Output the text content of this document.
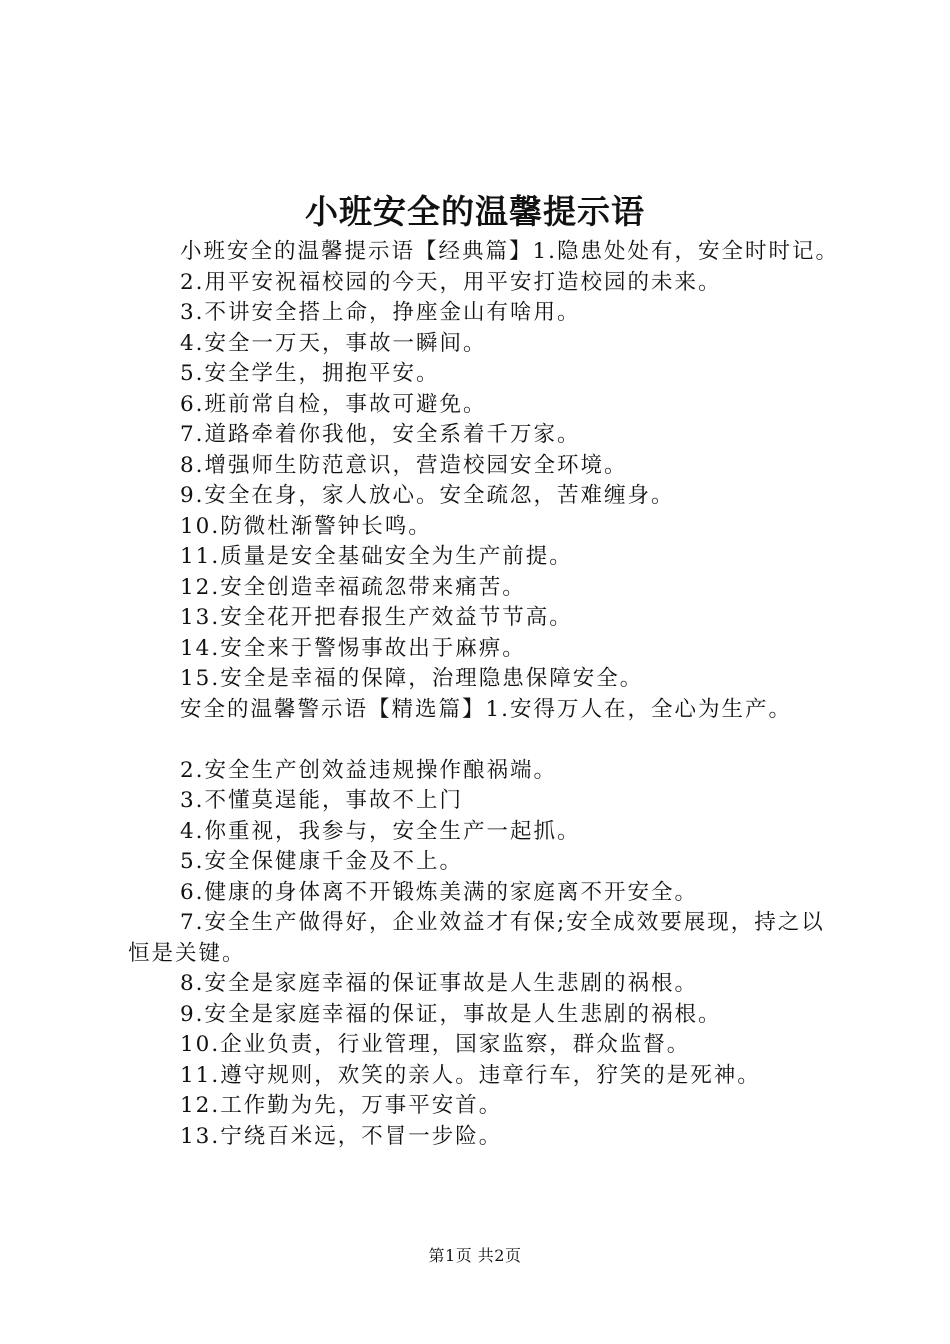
小班安全的温馨提示语
小班安全的温馨提示语【经典篇】1.隐患处处有，安全时时记。
2.用平安祝福校园的今天，用平安打造校园的未来。
3.不讲安全搭上命，挣座金山有啥用。
4.安全一万天，事故一瞬间。
5.安全学生，拥抱平安。
6.班前常自检，事故可避免。
7.道路牵着你我他，安全系着千万家。
8.增强师生防范意识，营造校园安全环境。
9.安全在身，家人放心。安全疏忽，苦难缠身。
10.防微杜渐警钟长鸣。
11.质量是安全基础安全为生产前提。
12.安全创造幸福疏忽带来痛苦。
13.安全花开把春报生产效益节节高。
14.安全来于警惕事故出于麻痹。
15.安全是幸福的保障，治理隐患保障安全。
安全的温馨警示语【精选篇】1.安得万人在，全心为生产。
2.安全生产创效益违规操作酿祸端。
3.不懂莫逞能，事故不上门
4.你重视，我参与，安全生产一起抓。
5.安全保健康千金及不上。
6.健康的身体离不开锻炼美满的家庭离不开安全。
7.安全生产做得好，企业效益才有保;安全成效要展现，持之以恒是关键。
8.安全是家庭幸福的保证事故是人生悲剧的祸根。
9.安全是家庭幸福的保证，事故是人生悲剧的祸根。
10.企业负责，行业管理，国家监察，群众监督。
11.遵守规则，欢笑的亲人。违章行车，狞笑的是死神。
12.工作勤为先，万事平安首。
13.宁绕百米远，不冒一步险。
第1页 共2页
